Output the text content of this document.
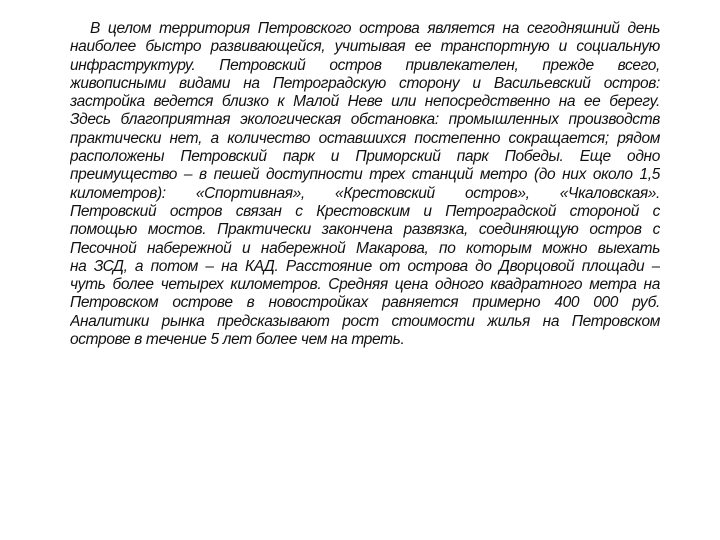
В целом территория Петровского острова является на сегодняшний день
наиболее быстро развивающейся, учитывая ее транспортную и социальную
инфраструктуру. Петровский остров привлекателен, прежде всего,
живописными видами на Петроградскую сторону и Васильевский остров:
застройка ведется близко к Малой Неве или непосредственно на ее берегу.
Здесь благоприятная экологическая обстановка: промышленных производств
практически нет, а количество оставшихся постепенно сокращается; рядом
расположены Петровский парк и Приморский парк Победы. Еще одно
преимущество – в пешей доступности трех станций метро (до них около 1,5
километров): «Спортивная», «Крестовский остров», «Чкаловская».
Петровский остров связан с Крестовским и Петроградской стороной с
помощью мостов. Практически закончена развязка, соединяющую остров с
Песочной набережной и набережной Макарова, по которым можно выехать
на ЗСД, а потом – на КАД. Расстояние от острова до Дворцовой площади –
чуть более четырех километров. Средняя цена одного квадратного метра на
Петровском острове в новостройках равняется примерно 400 000 руб.
Аналитики рынка предсказывают рост стоимости жилья на Петровском
острове в течение 5 лет более чем на треть.
